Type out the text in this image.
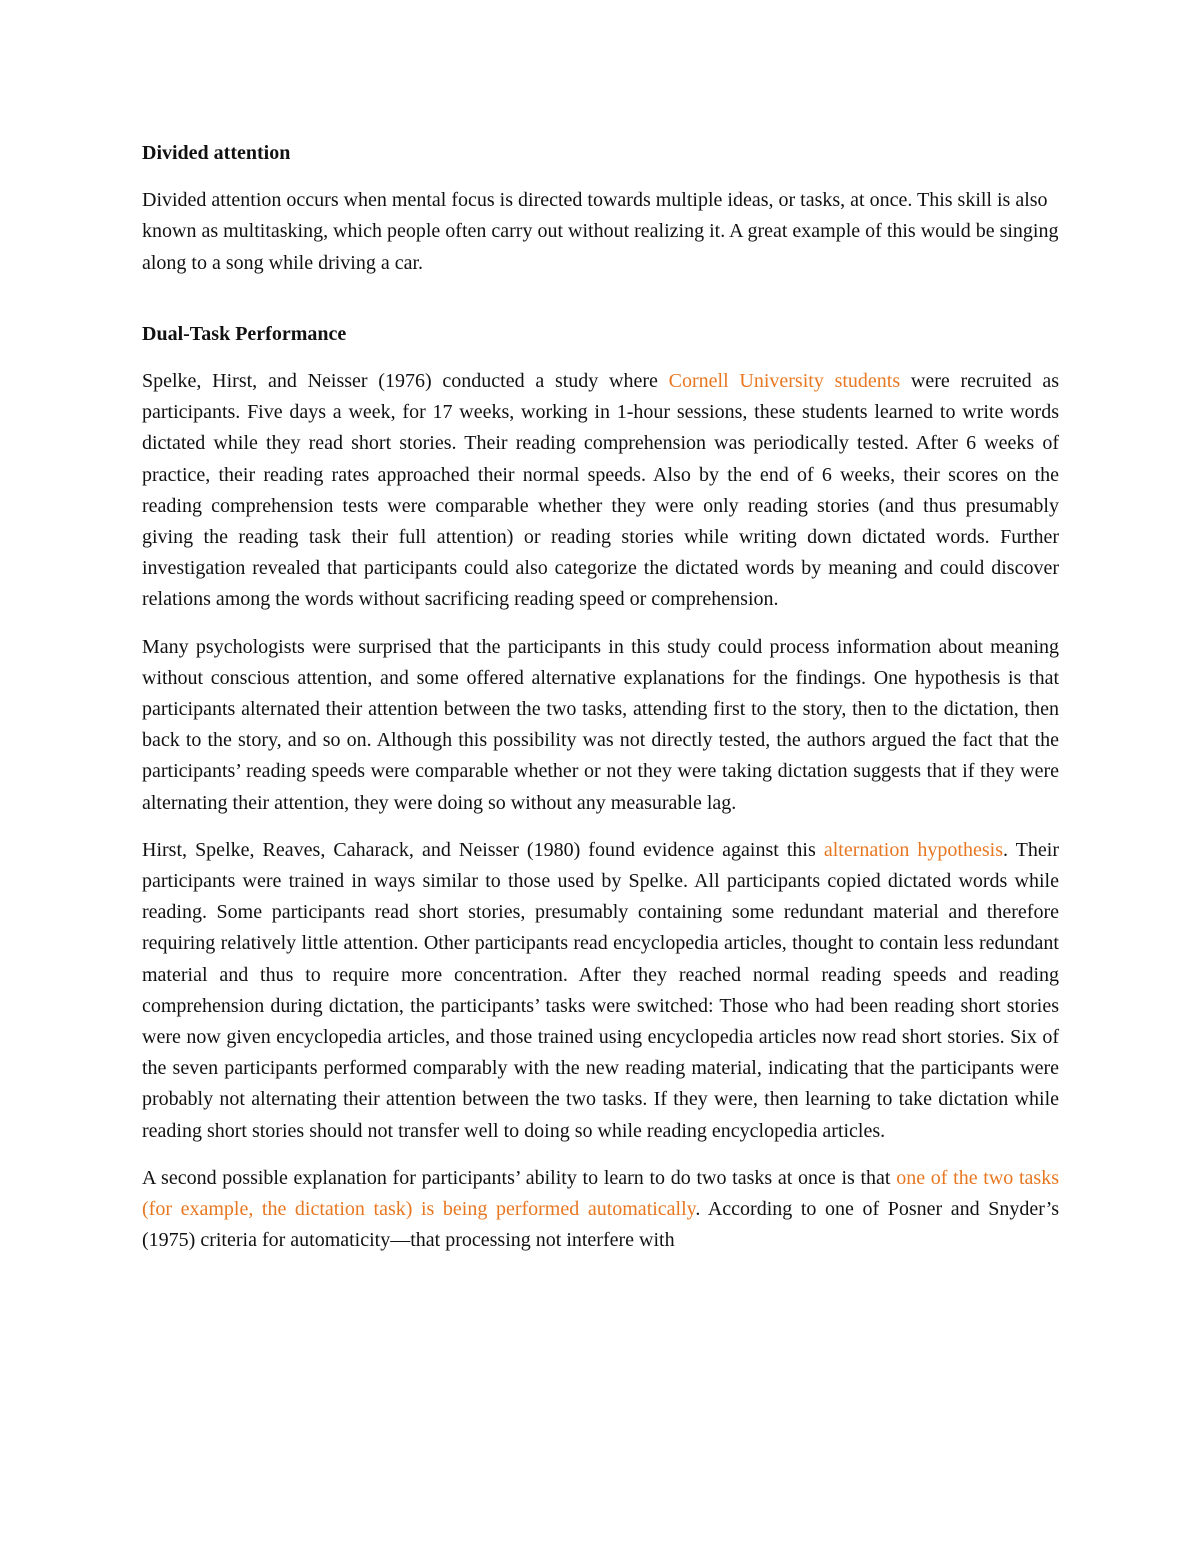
Divided attention

Divided attention occurs when mental focus is directed towards multiple ideas, or tasks, at once. This skill is also known as multitasking, which people often carry out without realizing it. A great example of this would be singing along to a song while driving a car.

Dual-Task Performance

Spelke, Hirst, and Neisser (1976) conducted a study where Cornell University students were recruited as participants. Five days a week, for 17 weeks, working in 1-hour sessions, these students learned to write words dictated while they read short stories. Their reading comprehension was periodically tested. After 6 weeks of practice, their reading rates approached their normal speeds. Also by the end of 6 weeks, their scores on the reading comprehension tests were comparable whether they were only reading stories (and thus presumably giving the reading task their full attention) or reading stories while writing down dictated words. Further investigation revealed that participants could also categorize the dictated words by meaning and could discover relations among the words without sacrificing reading speed or comprehension.

Many psychologists were surprised that the participants in this study could process information about meaning without conscious attention, and some offered alternative explanations for the findings. One hypothesis is that participants alternated their attention between the two tasks, attending first to the story, then to the dictation, then back to the story, and so on. Although this possibility was not directly tested, the authors argued the fact that the participants’ reading speeds were comparable whether or not they were taking dictation suggests that if they were alternating their attention, they were doing so without any measurable lag.

Hirst, Spelke, Reaves, Caharack, and Neisser (1980) found evidence against this alternation hypothesis. Their participants were trained in ways similar to those used by Spelke. All participants copied dictated words while reading. Some participants read short stories, presumably containing some redundant material and therefore requiring relatively little attention. Other participants read encyclopedia articles, thought to contain less redundant material and thus to require more concentration. After they reached normal reading speeds and reading comprehension during dictation, the participants’ tasks were switched: Those who had been reading short stories were now given encyclopedia articles, and those trained using encyclopedia articles now read short stories. Six of the seven participants performed comparably with the new reading material, indicating that the participants were probably not alternating their attention between the two tasks. If they were, then learning to take dictation while reading short stories should not transfer well to doing so while reading encyclopedia articles.

A second possible explanation for participants’ ability to learn to do two tasks at once is that one of the two tasks (for example, the dictation task) is being performed automatically. According to one of Posner and Snyder’s (1975) criteria for automaticity—that processing not interfere with
